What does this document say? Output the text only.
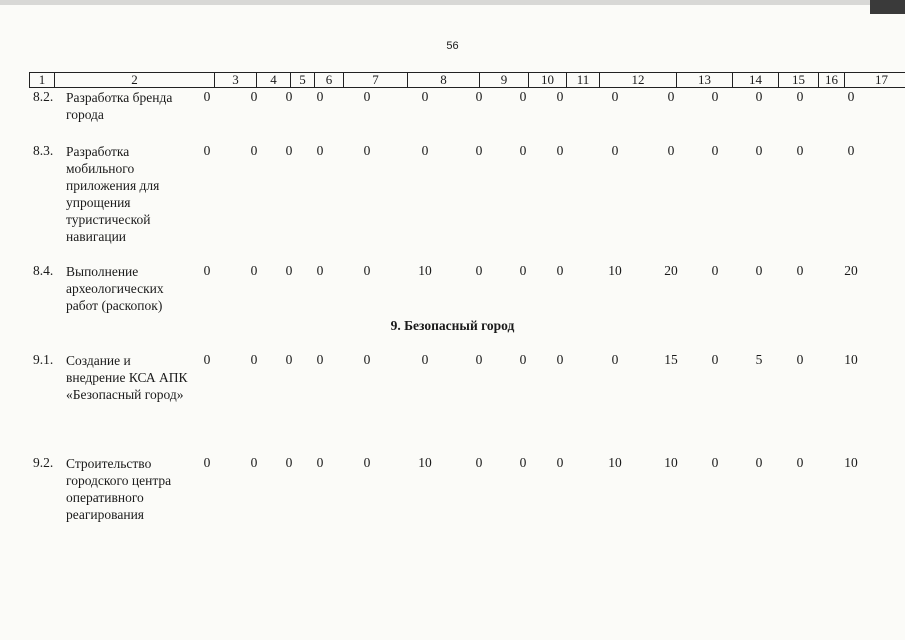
56
1	2	3	4	5	6	7	8	9	10	11	12	13	14	15	16	17
9. Безопасный город
8.2. Разработка бренда города
0	0	0	0	0	0	0	0	0	0	0	0	0	0	0
8.3. Разработка мобильного приложения для упрощения туристической навигации
0	0	0	0	0	0	0	0	0	0	0	0	0	0	0
8.4. Выполнение археологических работ (раскопок)
0	0	0	0	0	10	0	0	0	10	20	0	0	0	20
9.1. Создание и внедрение КСА АПК «Безопасный город»
0	0	0	0	0	0	0	0	0	0	15	0	5	0	10
9.2. Строительство городского центра оперативного реагирования
0	0	0	0	0	10	0	0	0	10	10	0	0	0	10
